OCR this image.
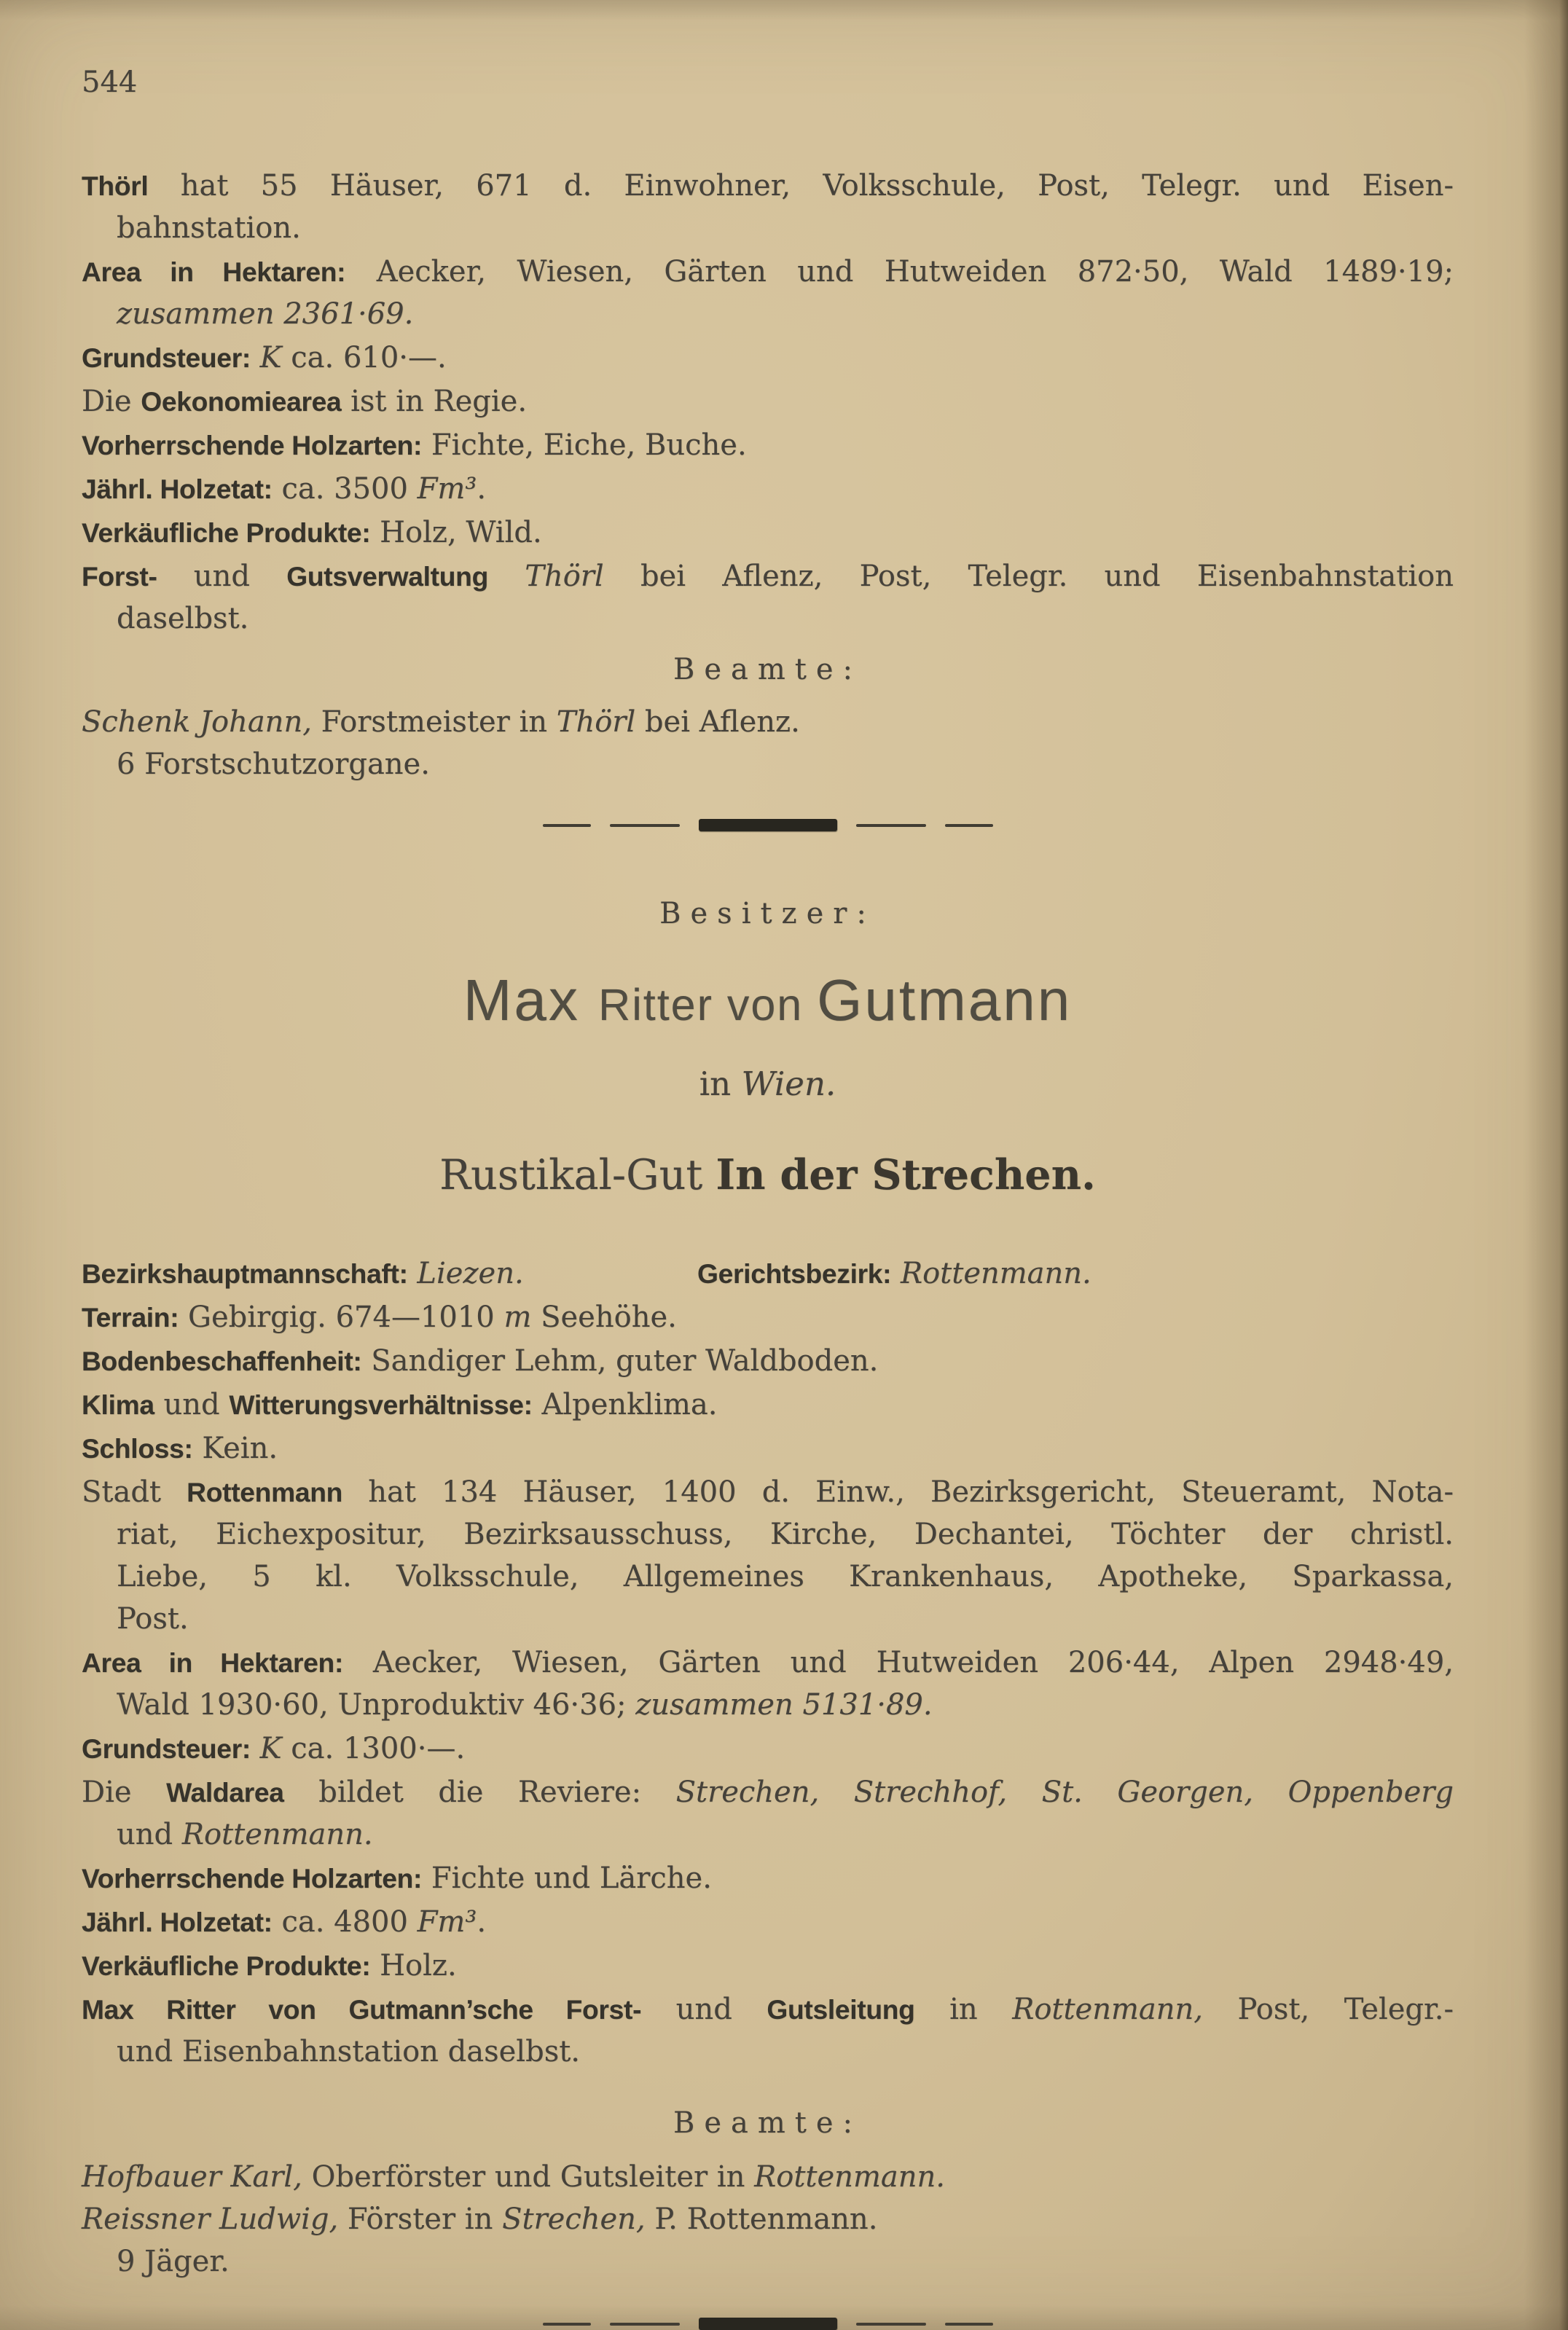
544
Thörl hat 55 Häuser, 671 d. Einwohner, Volksschule, Post, Telegr. und Eisen-
bahnstation.
Area in Hektaren: Aecker, Wiesen, Gärten und Hutweiden 872·50, Wald 1489·19;
zusammen 2361·69.
Grundsteuer: K ca. 610·—.
Die Oekonomiearea ist in Regie.
Vorherrschende Holzarten: Fichte, Eiche, Buche.
Jährl. Holzetat: ca. 3500 Fm³.
Verkäufliche Produkte: Holz, Wild.
Forst- und Gutsverwaltung Thörl bei Aflenz, Post, Telegr. und Eisenbahnstation
daselbst.
Beamte:
Schenk Johann, Forstmeister in Thörl bei Aflenz.
6 Forstschutzorgane.
Besitzer:
Max Ritter von Gutmann
in Wien.
Rustikal-Gut In der Strechen.
Bezirkshauptmannschaft: Liezen.	Gerichtsbezirk: Rottenmann.
Terrain: Gebirgig. 674—1010 m Seehöhe.
Bodenbeschaffenheit: Sandiger Lehm, guter Waldboden.
Klima und Witterungsverhältnisse: Alpenklima.
Schloss: Kein.
Stadt Rottenmann hat 134 Häuser, 1400 d. Einw., Bezirksgericht, Steueramt, Nota-
riat, Eichexpositur, Bezirksausschuss, Kirche, Dechantei, Töchter der christl.
Liebe, 5 kl. Volksschule, Allgemeines Krankenhaus, Apotheke, Sparkassa,
Post.
Area in Hektaren: Aecker, Wiesen, Gärten und Hutweiden 206·44, Alpen 2948·49,
Wald 1930·60, Unproduktiv 46·36; zusammen 5131·89.
Grundsteuer: K ca. 1300·—.
Die Waldarea bildet die Reviere: Strechen, Strechhof, St. Georgen, Oppenberg
und Rottenmann.
Vorherrschende Holzarten: Fichte und Lärche.
Jährl. Holzetat: ca. 4800 Fm³.
Verkäufliche Produkte: Holz.
Max Ritter von Gutmann’sche Forst- und Gutsleitung in Rottenmann, Post, Telegr.-
und Eisenbahnstation daselbst.
Beamte:
Hofbauer Karl, Oberförster und Gutsleiter in Rottenmann.
Reissner Ludwig, Förster in Strechen, P. Rottenmann.
9 Jäger.
